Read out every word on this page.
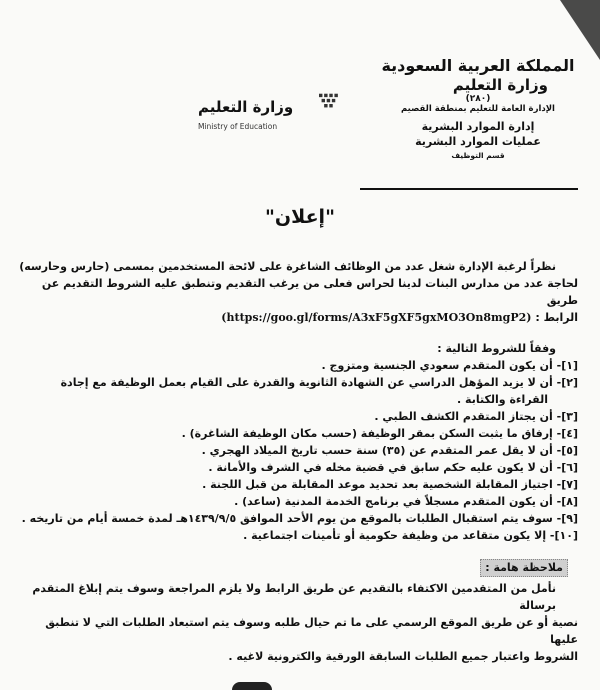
المملكة العربية السعودية
وزارة التعليم
(٢٨٠)
الإدارة العامة للتعليم بمنطقة القصيم
إدارة الموارد البشرية
عمليات الموارد البشرية
قسم التوظيف
وزارة التعليم
Ministry of Education
"إعلان"
نظراً لرغبة الإدارة شغل عدد من الوظائف الشاغرة على لائحة المستخدمين بمسمى (حارس وحارسه)
لحاجة عدد من مدارس البنات لدينا لحراس فعلى من يرغب التقديم وتنطبق عليه الشروط التقديم عن طريق
الرابط : (https://goo.gl/forms/A3xF5gXF5gxMO3On8mgP2)
وفقاً للشروط التالية :
[١]- أن يكون المتقدم سعودي الجنسية ومتزوج .
[٢]- أن لا يزيد المؤهل الدراسي عن الشهادة الثانوية والقدرة على القيام بعمل الوظيفة مع إجادة
القراءة والكتابة .
[٣]- أن يجتاز المتقدم الكشف الطبي .
[٤]- إرفاق ما يثبت السكن بمقر الوظيفة (حسب مكان الوظيفة الشاغرة) .
[٥]- أن لا يقل عمر المتقدم عن (٣٥) سنة حسب تاريخ الميلاد الهجري .
[٦]- أن لا يكون عليه حكم سابق في قضية مخله في الشرف والأمانة .
[٧]- اجتياز المقابلة الشخصية بعد تحديد موعد المقابلة من قبل اللجنة .
[٨]- أن يكون المتقدم مسجلاً في برنامج الخدمة المدنية (ساعد) .
[٩]- سوف يتم استقبال الطلبات بالموقع من يوم الأحد الموافق ١٤٣٩/٩/٥هـ لمدة خمسة أيام من تاريخه .
[١٠]- إلا يكون متقاعد من وظيفة حكومية أو تأمينات اجتماعية .
ملاحظة هامة :
نأمل من المتقدمين الاكتفاء بالتقديم عن طريق الرابط ولا يلزم المراجعة وسوف يتم إبلاغ المتقدم برسالة
نصية أو عن طريق الموقع الرسمي على ما تم حيال طلبه وسوف يتم استبعاد الطلبات التي لا تنطبق عليها
الشروط واعتبار جميع الطلبات السابقة الورقية والكترونية لاغيه .
